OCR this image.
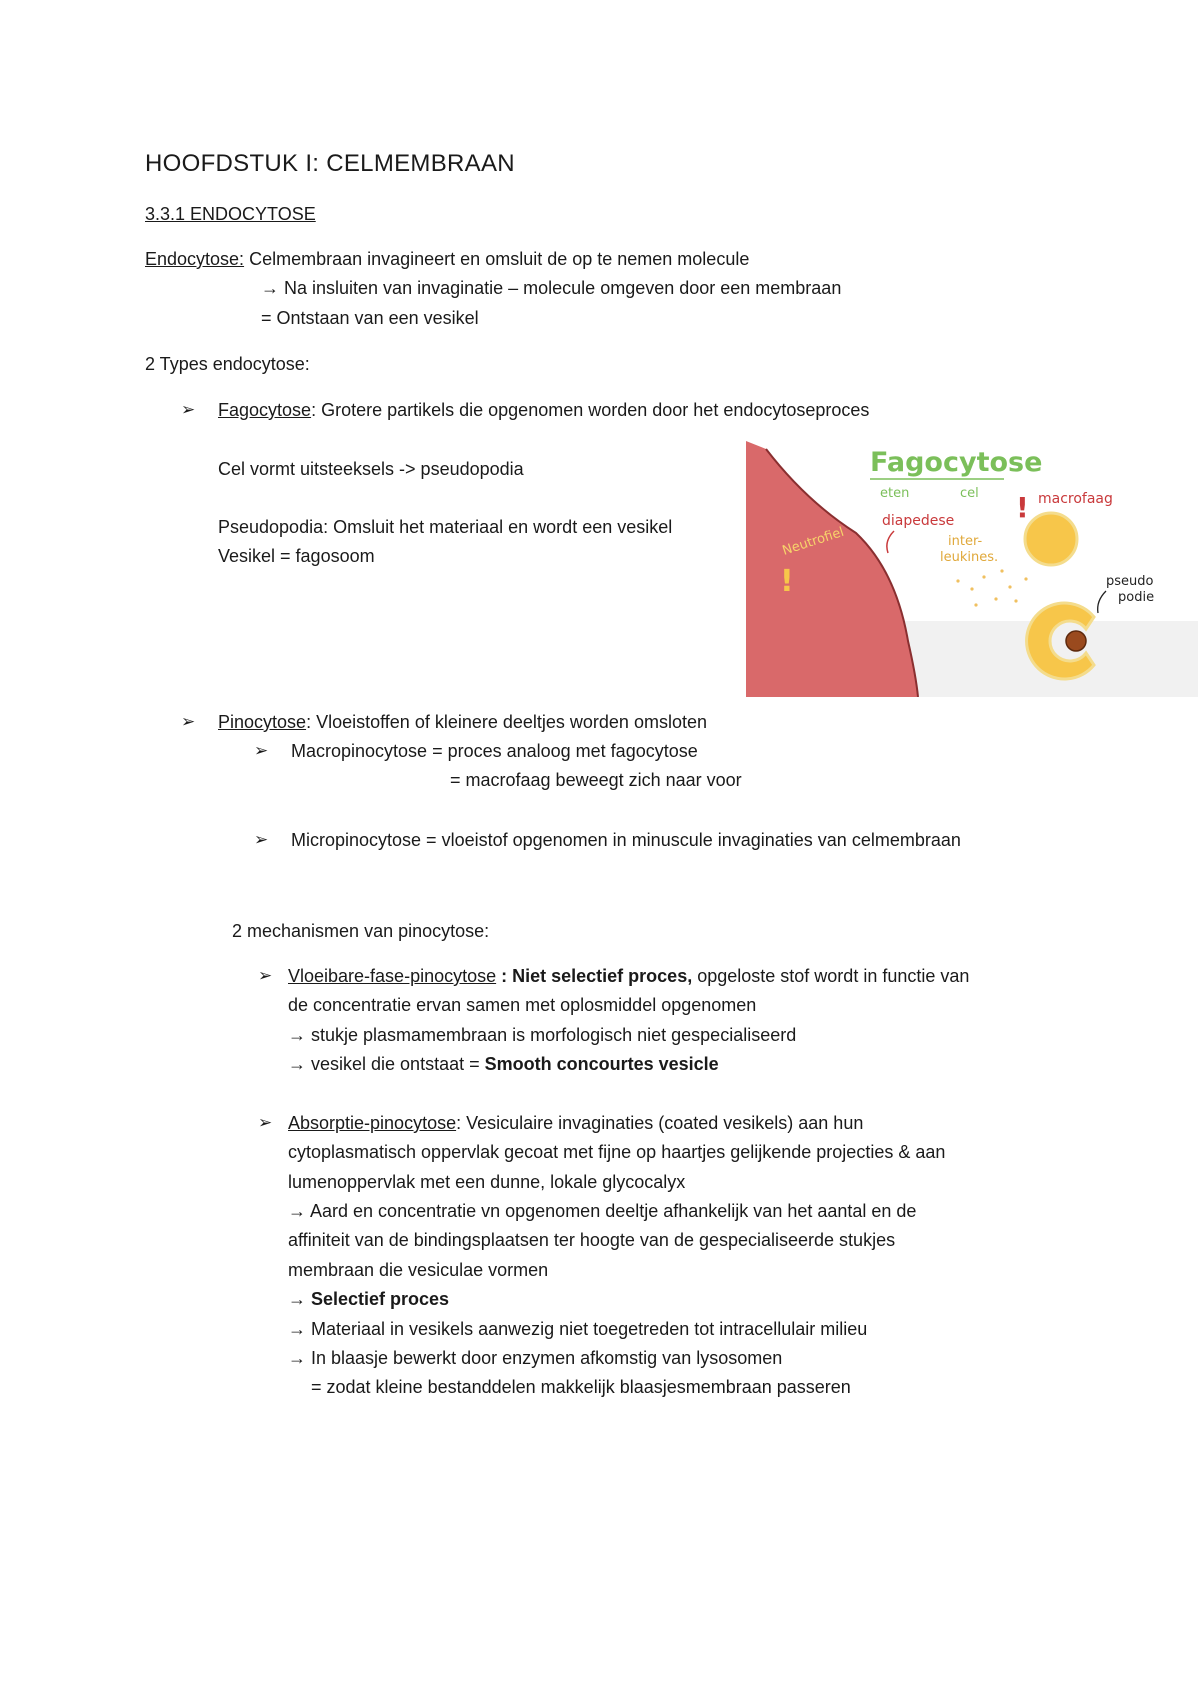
HOOFDSTUK I: CELMEMBRAAN
3.3.1 ENDOCYTOSE
Endocytose: Celmembraan invagineert en omsluit de op te nemen molecule
→ Na insluiten van invaginatie – molecule omgeven door een membraan
= Ontstaan van een vesikel
2 Types endocytose:
➢ Fagocytose: Grotere partikels die opgenomen worden door het endocytoseproces
Cel vormt uitsteeksels -> pseudopodia
Pseudopodia: Omsluit het materiaal en wordt een vesikel
Vesikel = fagosoom	Neutrofiel
!
Fagocytose
eten	cel
diapedese
inter-
leukines.
! macrofaag
pseudo
podie
➢ Pinocytose: Vloeistoffen of kleinere deeltjes worden omsloten
➢ Macropinocytose = proces analoog met fagocytose
= macrofaag beweegt zich naar voor
➢ Micropinocytose = vloeistof opgenomen in minuscule invaginaties van celmembraan
2 mechanismen van pinocytose:
➢ Vloeibare-fase-pinocytose : Niet selectief proces, opgeloste stof wordt in functie van
de concentratie ervan samen met oplosmiddel opgenomen
→ stukje plasmamembraan is morfologisch niet gespecialiseerd
→ vesikel die ontstaat = Smooth concourtes vesicle
➢ Absorptie-pinocytose: Vesiculaire invaginaties (coated vesikels) aan hun
cytoplasmatisch oppervlak gecoat met fijne op haartjes gelijkende projecties & aan
lumenoppervlak met een dunne, lokale glycocalyx
→ Aard en concentratie vn opgenomen deeltje afhankelijk van het aantal en de
affiniteit van de bindingsplaatsen ter hoogte van de gespecialiseerde stukjes
membraan die vesiculae vormen
→ Selectief proces
→ Materiaal in vesikels aanwezig niet toegetreden tot intracellulair milieu
→ In blaasje bewerkt door enzymen afkomstig van lysosomen
= zodat kleine bestanddelen makkelijk blaasjesmembraan passeren
